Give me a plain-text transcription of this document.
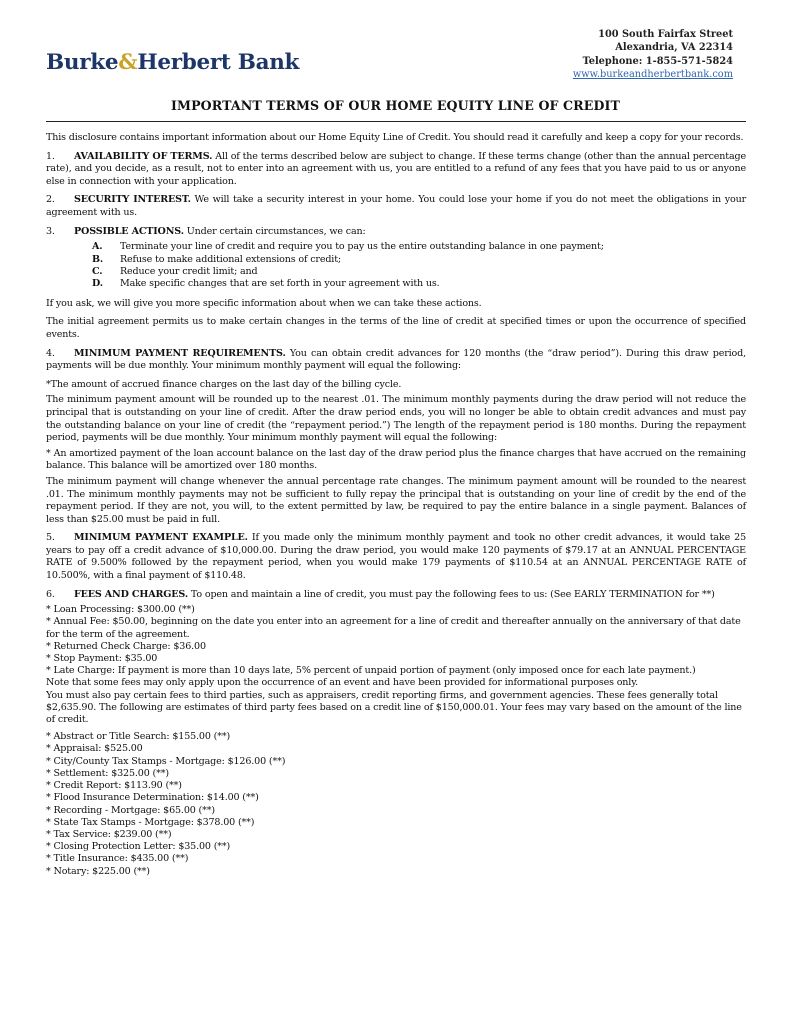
Burke&Herbert Bank
100 South Fairfax Street
Alexandria, VA 22314
Telephone: 1-855-571-5824
www.burkeandherbertbank.com
IMPORTANT TERMS OF OUR HOME EQUITY LINE OF CREDIT

This disclosure contains important information about our Home Equity Line of Credit. You should read it carefully and keep a copy for your records.

1. AVAILABILITY OF TERMS. All of the terms described below are subject to change. If these terms change (other than the annual percentage rate), and you decide, as a result, not to enter into an agreement with us, you are entitled to a refund of any fees that you have paid to us or anyone else in connection with your application.

2. SECURITY INTEREST. We will take a security interest in your home. You could lose your home if you do not meet the obligations in your agreement with us.

3. POSSIBLE ACTIONS. Under certain circumstances, we can:

A.	Terminate your line of credit and require you to pay us the entire outstanding balance in one payment;
B.	Refuse to make additional extensions of credit;
C.	Reduce your credit limit; and
D.	Make specific changes that are set forth in your agreement with us.

If you ask, we will give you more specific information about when we can take these actions.

The initial agreement permits us to make certain changes in the terms of the line of credit at specified times or upon the occurrence of specified events.

4. MINIMUM PAYMENT REQUIREMENTS. You can obtain credit advances for 120 months (the “draw period”). During this draw period, payments will be due monthly. Your minimum monthly payment will equal the following:

*The amount of accrued finance charges on the last day of the billing cycle.

The minimum payment amount will be rounded up to the nearest .01. The minimum monthly payments during the draw period will not reduce the principal that is outstanding on your line of credit. After the draw period ends, you will no longer be able to obtain credit advances and must pay the outstanding balance on your line of credit (the “repayment period.”) The length of the repayment period is 180 months. During the repayment period, payments will be due monthly. Your minimum monthly payment will equal the following:

* An amortized payment of the loan account balance on the last day of the draw period plus the finance charges that have accrued on the remaining balance. This balance will be amortized over 180 months.

The minimum payment will change whenever the annual percentage rate changes. The minimum payment amount will be rounded to the nearest .01. The minimum monthly payments may not be sufficient to fully repay the principal that is outstanding on your line of credit by the end of the repayment period. If they are not, you will, to the extent permitted by law, be required to pay the entire balance in a single payment. Balances of less than $25.00 must be paid in full.

5. MINIMUM PAYMENT EXAMPLE. If you made only the minimum monthly payment and took no other credit advances, it would take 25 years to pay off a credit advance of $10,000.00. During the draw period, you would make 120 payments of $79.17 at an ANNUAL PERCENTAGE RATE of 9.500% followed by the repayment period, when you would make 179 payments of $110.54 at an ANNUAL PERCENTAGE RATE of 10.500%, with a final payment of $110.48.

6. FEES AND CHARGES. To open and maintain a line of credit, you must pay the following fees to us: (See EARLY TERMINATION for **)

* Loan Processing: $300.00 (**)
* Annual Fee: $50.00, beginning on the date you enter into an agreement for a line of credit and thereafter annually on the anniversary of that date for the term of the agreement.
* Returned Check Charge: $36.00
* Stop Payment: $35.00
* Late Charge: If payment is more than 10 days late, 5% percent of unpaid portion of payment (only imposed once for each late payment.)
Note that some fees may only apply upon the occurrence of an event and have been provided for informational purposes only.
You must also pay certain fees to third parties, such as appraisers, credit reporting firms, and government agencies. These fees generally total $2,635.90. The following are estimates of third party fees based on a credit line of $150,000.01. Your fees may vary based on the amount of the line of credit.
* Abstract or Title Search: $155.00 (**)
* Appraisal: $525.00
* City/County Tax Stamps - Mortgage: $126.00 (**)
* Settlement: $325.00 (**)
* Credit Report: $113.90 (**)
* Flood Insurance Determination: $14.00 (**)
* Recording - Mortgage: $65.00 (**)
* State Tax Stamps - Mortgage: $378.00 (**)
* Tax Service: $239.00 (**)
* Closing Protection Letter: $35.00 (**)
* Title Insurance: $435.00 (**)
* Notary: $225.00 (**)
